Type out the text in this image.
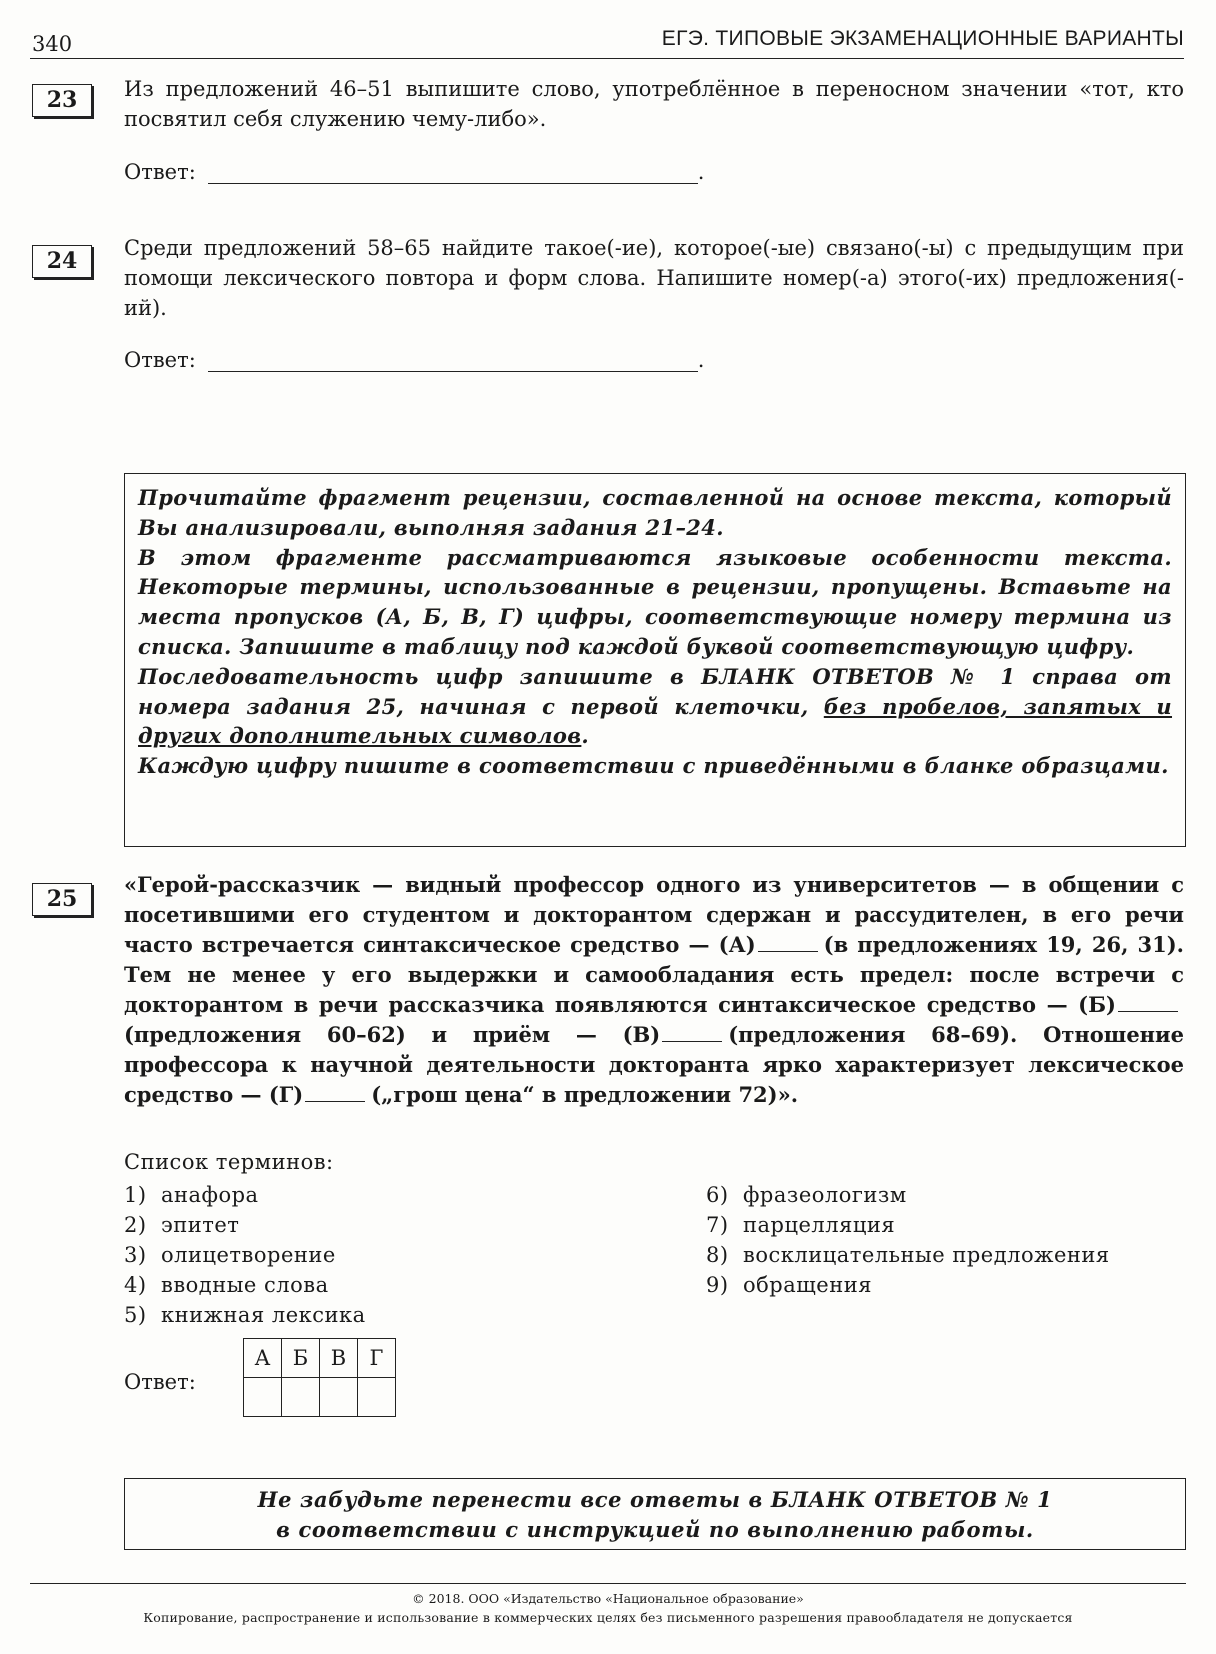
340	ЕГЭ. ТИПОВЫЕ ЭКЗАМЕНАЦИОННЫЕ ВАРИАНТЫ
23	Из предложений 46–51 выпишите слово, употреблённое в переносном значении «тот, кто посвятил себя служению чему-либо».
Ответ:	.
24	Среди предложений 58–65 найдите такое(-ие), которое(-ые) связано(-ы) с предыдущим при помощи лексического повтора и форм слова. Напишите номер(-а) этого(-их) предложения(-ий).
Ответ:	.

Прочитайте фрагмент рецензии, составленной на основе текста, который Вы анализировали, выполняя задания 21–24.

В этом фрагменте рассматриваются языковые особенности текста. Некоторые термины, использованные в рецензии, пропущены. Вставьте на места пропусков (А, Б, В, Г) цифры, соответствующие номеру термина из списка. Запишите в таблицу под каждой буквой соответствующую цифру.

Последовательность цифр запишите в БЛАНК ОТВЕТОВ № 1 справа от номера задания 25, начиная с первой клеточки, без пробелов, запятых и других дополнительных символов.

Каждую цифру пишите в соответствии с приведёнными в бланке образцами.

25
«Герой-рассказчик — видный профессор одного из университетов — в общении с посетившими его студентом и докторантом сдержан и рассудителен, в его речи часто встречается синтаксическое средство — (А)	(в предложениях 19, 26, 31). Тем не менее у его выдержки и самообладания есть предел: после встречи с докторантом в речи рассказчика появляются синтаксическое средство — (Б)(предложения 60–62) и приём — (В)	(предложения 68–69). Отношение профессора к научной деятельности докторанта ярко характеризует лексическое средство — (Г)	(„грош цена“ в предложении 72)».
Список терминов:
1) анафора
2) эпитет
3) олицетворение
4) вводные слова
5) книжная лексика
6) фразеологизм
7) парцелляция
8) восклицательные предложения
9) обращения
Ответ:
А	Б	В	Г

Не забудьте перенести все ответы в БЛАНК ОТВЕТОВ № 1
в соответствии с инструкцией по выполнению работы.
© 2018. ООО «Издательство «Национальное образование»
Копирование, распространение и использование в коммерческих целях без письменного разрешения правообладателя не допускается
